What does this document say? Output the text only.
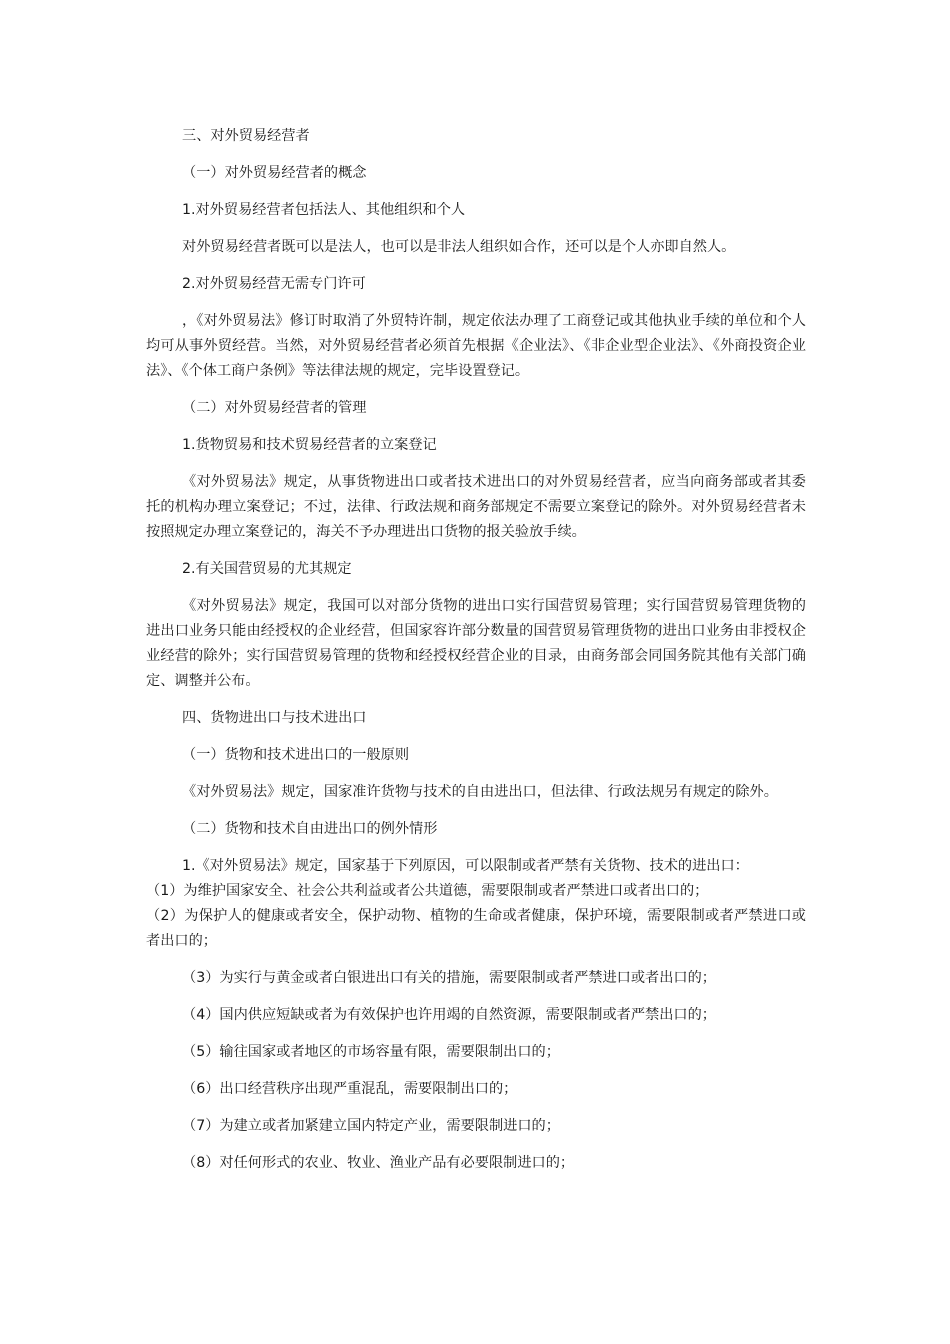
三、对外贸易经营者

（一）对外贸易经营者的概念

1.对外贸易经营者包括法人、其他组织和个人

对外贸易经营者既可以是法人，也可以是非法人组织如合作，还可以是个人亦即自然人。

2.对外贸易经营无需专门许可

，《对外贸易法》修订时取消了外贸特许制，规定依法办理了工商登记或其他执业手续的单位和个人均可从事外贸经营。当然，对外贸易经营者必须首先根据《企业法》、《非企业型企业法》、《外商投资企业法》、《个体工商户条例》等法律法规的规定，完毕设置登记。

（二）对外贸易经营者的管理

1.货物贸易和技术贸易经营者的立案登记

《对外贸易法》规定，从事货物进出口或者技术进出口的对外贸易经营者，应当向商务部或者其委托的机构办理立案登记；不过，法律、行政法规和商务部规定不需要立案登记的除外。对外贸易经营者未按照规定办理立案登记的，海关不予办理进出口货物的报关验放手续。

2.有关国营贸易的尤其规定

《对外贸易法》规定，我国可以对部分货物的进出口实行国营贸易管理；实行国营贸易管理货物的进出口业务只能由经授权的企业经营，但国家容许部分数量的国营贸易管理货物的进出口业务由非授权企业经营的除外；实行国营贸易管理的货物和经授权经营企业的目录，由商务部会同国务院其他有关部门确定、调整并公布。

四、货物进出口与技术进出口

（一）货物和技术进出口的一般原则

《对外贸易法》规定，国家准许货物与技术的自由进出口，但法律、行政法规另有规定的除外。

（二）货物和技术自由进出口的例外情形

1.《对外贸易法》规定，国家基于下列原因，可以限制或者严禁有关货物、技术的进出口：

（1）为维护国家安全、社会公共利益或者公共道德，需要限制或者严禁进口或者出口的；

（2）为保护人的健康或者安全，保护动物、植物的生命或者健康，保护环境，需要限制或者严禁进口或者出口的；

（3）为实行与黄金或者白银进出口有关的措施，需要限制或者严禁进口或者出口的；

（4）国内供应短缺或者为有效保护也许用竭的自然资源，需要限制或者严禁出口的；

（5）输往国家或者地区的市场容量有限，需要限制出口的；

（6）出口经营秩序出现严重混乱，需要限制出口的；

（7）为建立或者加紧建立国内特定产业，需要限制进口的；

（8）对任何形式的农业、牧业、渔业产品有必要限制进口的；
